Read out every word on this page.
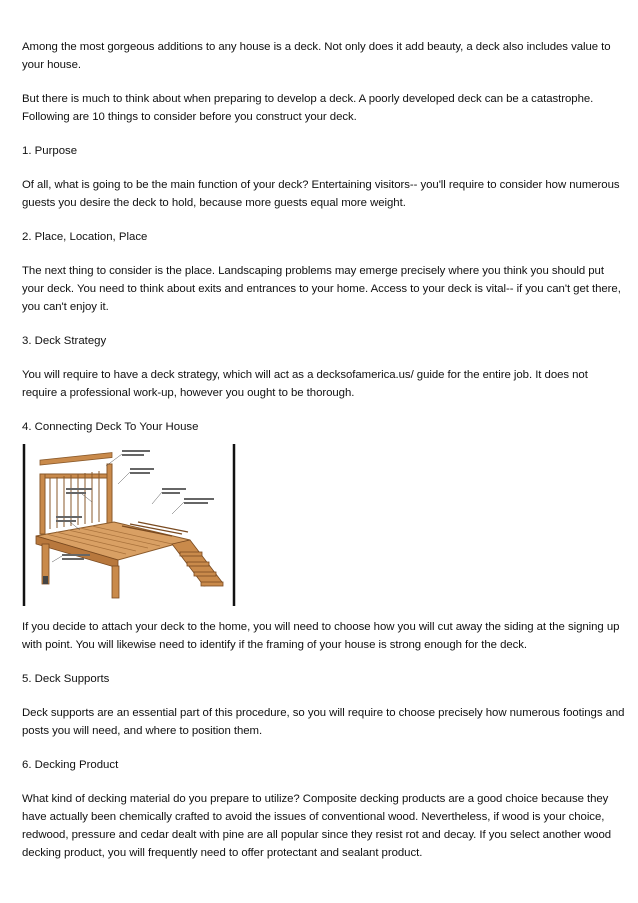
Among the most gorgeous additions to any house is a deck. Not only does it add beauty, a deck also includes value to your house.

But there is much to think about when preparing to develop a deck. A poorly developed deck can be a catastrophe. Following are 10 things to consider before you construct your deck.

1. Purpose

Of all, what is going to be the main function of your deck? Entertaining visitors-- you'll require to consider how numerous guests you desire the deck to hold, because more guests equal more weight.

2. Place, Location, Place

The next thing to consider is the place. Landscaping problems may emerge precisely where you think you should put your deck. You need to think about exits and entrances to your home. Access to your deck is vital-- if you can't get there, you can't enjoy it.

3. Deck Strategy

You will require to have a deck strategy, which will act as a decksofamerica.us/ guide for the entire job. It does not require a professional work-up, however you ought to be thorough.

4. Connecting Deck To Your House

If you decide to attach your deck to the home, you will need to choose how you will cut away the siding at the signing up with point. You will likewise need to identify if the framing of your house is strong enough for the deck.

5. Deck Supports

Deck supports are an essential part of this procedure, so you will require to choose precisely how numerous footings and posts you will need, and where to position them.

6. Decking Product

What kind of decking material do you prepare to utilize? Composite decking products are a good choice because they have actually been chemically crafted to avoid the issues of conventional wood. Nevertheless, if wood is your choice, redwood, pressure and cedar dealt with pine are all popular since they resist rot and decay. If you select another wood decking product, you will frequently need to offer protectant and sealant product.
